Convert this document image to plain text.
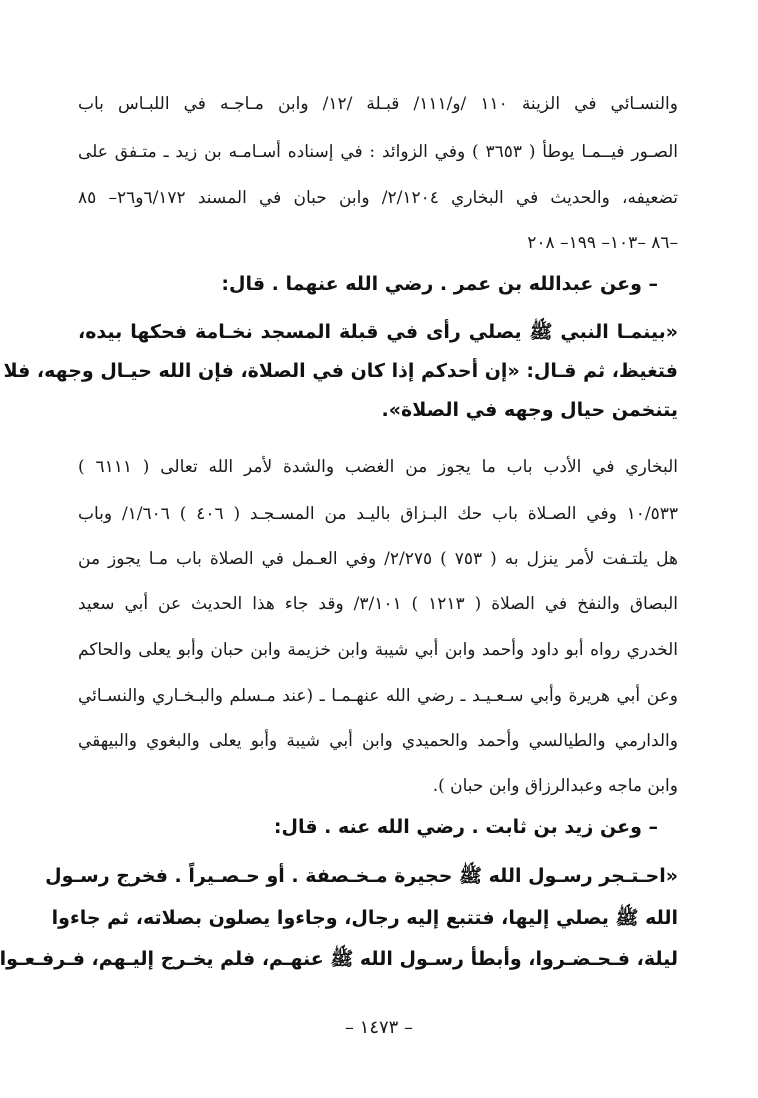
والنسـائي في الزينة ١١٠ /و/١١١/ قبـلة /١٢/ وابن مـاجـه في اللبـاس باب
الصـور فيــمـا يوطأ ( ٣٦٥٣ ) وفي الزوائد : في إسناده أسـامـه بن زيد ـ متـفق على
تضعيفه، والحديث في البخاري ٢/١٢٠٤/ وابن حبان في المسند ٦/١٧٢و٢٦– ٨٥
–٨٦ –١٠٣– ١٩٩– ٢٠٨
– وعن عبدالله بن عمر . رضي الله عنهما . قال:
«بينمـا النبي ﷺ يصلي رأى في قبلة المسجد نخـامة فحكها بيده،
فتغيظ، ثم قـال: «إن أحدكم إذا كان في الصلاة، فإن الله حيـال وجهه، فلا
يتنخمن حيال وجهه في الصلاة».
البخاري في الأدب باب ما يجوز من الغضب والشدة لأمر الله تعالى ( ٦١١١ )
١٠/٥٣٣ وفي الصـلاة باب حك البـزاق باليـد من المسـجـد ( ٤٠٦ ) ١/٦٠٦/ وباب
هل يلتـفت لأمر ينزل به ( ٧٥٣ ) ٢/٢٧٥/ وفي العـمل في الصلاة باب مـا يجوز من
البصاق والنفخ في الصلاة ( ١٢١٣ ) ٣/١٠١/ وقد جاء هذا الحديث عن أبي سعيد
الخدري رواه أبو داود وأحمد وابن أبي شيبة وابن خزيمة وابن حبان وأبو يعلى والحاكم
وعن أبي هريرة وأبي سـعـيـد ـ رضي الله عنهـمـا ـ (عند مـسلم والبـخـاري والنسـائي
والدارمي والطيالسي وأحمد والحميدي وابن أبي شيبة وأبو يعلى والبغوي والبيهقي
وابن ماجه وعبدالرزاق وابن حبان ).
– وعن زيد بن ثابت . رضي الله عنه . قال:
«احـتـجر رسـول الله ﷺ حجيرة مـخـصفة . أو حـصـيراً . فخرج رسـول
الله ﷺ يصلي إليها، فتتبع إليه رجال، وجاءوا يصلون بصلاته، ثم جاءوا
ليلة، فـحـضـروا، وأبطأ رسـول الله ﷺ عنهـم، فلم يخـرج إليـهم، فـرفـعـوا
– ١٤٧٣ –
